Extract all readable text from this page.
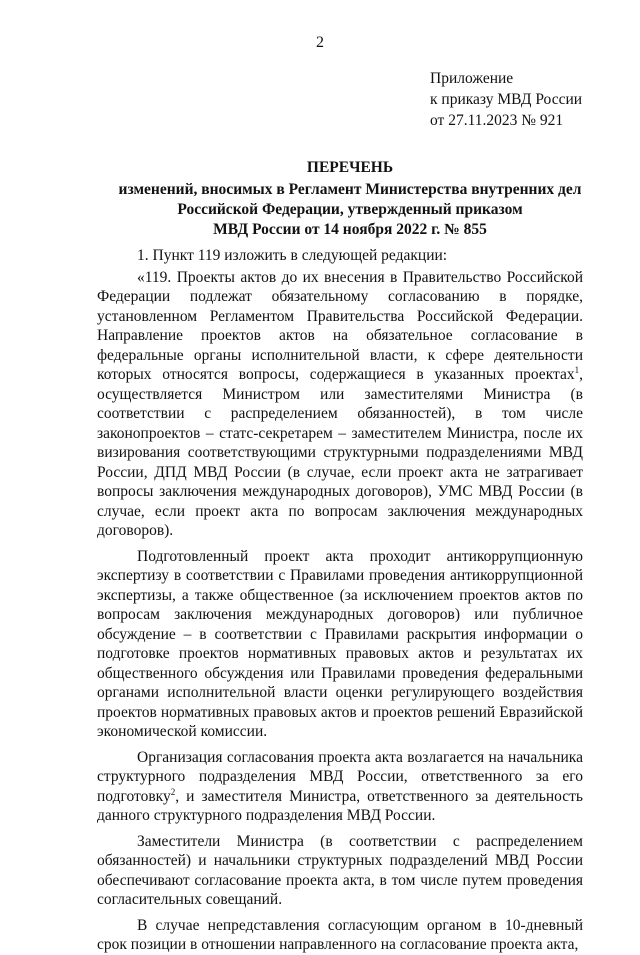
2
Приложение
к приказу МВД России
от 27.11.2023 № 921
ПЕРЕЧЕНЬ
изменений, вносимых в Регламент Министерства внутренних дел
Российской Федерации, утвержденный приказом
МВД России от 14 ноября 2022 г. № 855

1. Пункт 119 изложить в следующей редакции:

«119. Проекты актов до их внесения в Правительство Российской Федерации подлежат обязательному согласованию в порядке, установленном Регламентом Правительства Российской Федерации. Направление проектов актов на обязательное согласование в федеральные органы исполнительной власти, к сфере деятельности которых относятся вопросы, содержащиеся в указанных проектах$^1$, осуществляется Министром или заместителями Министра (в соответствии с распределением обязанностей), в том числе законопроектов – статс-секретарем – заместителем Министра, после их визирования соответствующими структурными подразделениями МВД России, ДПД МВД России (в случае, если проект акта не затрагивает вопросы заключения международных договоров), УМС МВД России (в случае, если проект акта по вопросам заключения международных договоров).

Подготовленный проект акта проходит антикоррупционную экспертизу в соответствии с Правилами проведения антикоррупционной экспертизы, а также общественное (за исключением проектов актов по вопросам заключения международных договоров) или публичное обсуждение – в соответствии с Правилами раскрытия информации о подготовке проектов нормативных правовых актов и результатах их общественного обсуждения или Правилами проведения федеральными органами исполнительной власти оценки регулирующего воздействия проектов нормативных правовых актов и проектов решений Евразийской экономической комиссии.

Организация согласования проекта акта возлагается на начальника структурного подразделения МВД России, ответственного за его подготовку$^2$, и заместителя Министра, ответственного за деятельность данного структурного подразделения МВД России.

Заместители Министра (в соответствии с распределением обязанностей) и начальники структурных подразделений МВД России обеспечивают согласование проекта акта, в том числе путем проведения согласительных совещаний.

В случае непредставления согласующим органом в 10-дневный срок позиции в отношении направленного на согласование проекта акта,
